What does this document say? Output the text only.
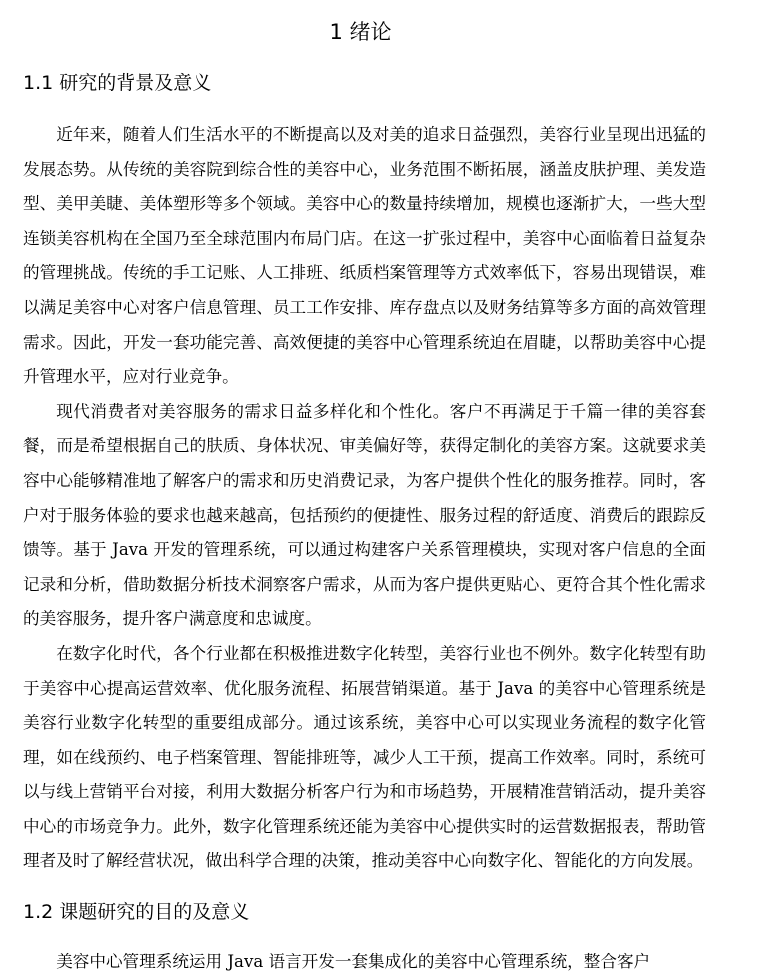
1 绪论
1.1 研究的背景及意义

近年来，随着人们生活水平的不断提高以及对美的追求日益强烈，美容行业呈现出迅猛的发展态势。从传统的美容院到综合性的美容中心，业务范围不断拓展，涵盖皮肤护理、美发造型、美甲美睫、美体塑形等多个领域。美容中心的数量持续增加，规模也逐渐扩大，一些大型连锁美容机构在全国乃至全球范围内布局门店。在这一扩张过程中，美容中心面临着日益复杂的管理挑战。传统的手工记账、人工排班、纸质档案管理等方式效率低下，容易出现错误，难以满足美容中心对客户信息管理、员工工作安排、库存盘点以及财务结算等多方面的高效管理需求。因此，开发一套功能完善、高效便捷的美容中心管理系统迫在眉睫，以帮助美容中心提升管理水平，应对行业竞争。

现代消费者对美容服务的需求日益多样化和个性化。客户不再满足于千篇一律的美容套餐，而是希望根据自己的肤质、身体状况、审美偏好等，获得定制化的美容方案。这就要求美容中心能够精准地了解客户的需求和历史消费记录，为客户提供个性化的服务推荐。同时，客户对于服务体验的要求也越来越高，包括预约的便捷性、服务过程的舒适度、消费后的跟踪反馈等。基于 Java 开发的管理系统，可以通过构建客户关系管理模块，实现对客户信息的全面记录和分析，借助数据分析技术洞察客户需求，从而为客户提供更贴心、更符合其个性化需求的美容服务，提升客户满意度和忠诚度。

在数字化时代，各个行业都在积极推进数字化转型，美容行业也不例外。数字化转型有助于美容中心提高运营效率、优化服务流程、拓展营销渠道。基于 Java 的美容中心管理系统是美容行业数字化转型的重要组成部分。通过该系统，美容中心可以实现业务流程的数字化管理，如在线预约、电子档案管理、智能排班等，减少人工干预，提高工作效率。同时，系统可以与线上营销平台对接，利用大数据分析客户行为和市场趋势，开展精准营销活动，提升美容中心的市场竞争力。此外，数字化管理系统还能为美容中心提供实时的运营数据报表，帮助管理者及时了解经营状况，做出科学合理的决策，推动美容中心向数字化、智能化的方向发展。

1.2 课题研究的目的及意义

美容中心管理系统运用 Java 语言开发一套集成化的美容中心管理系统，整合客户
